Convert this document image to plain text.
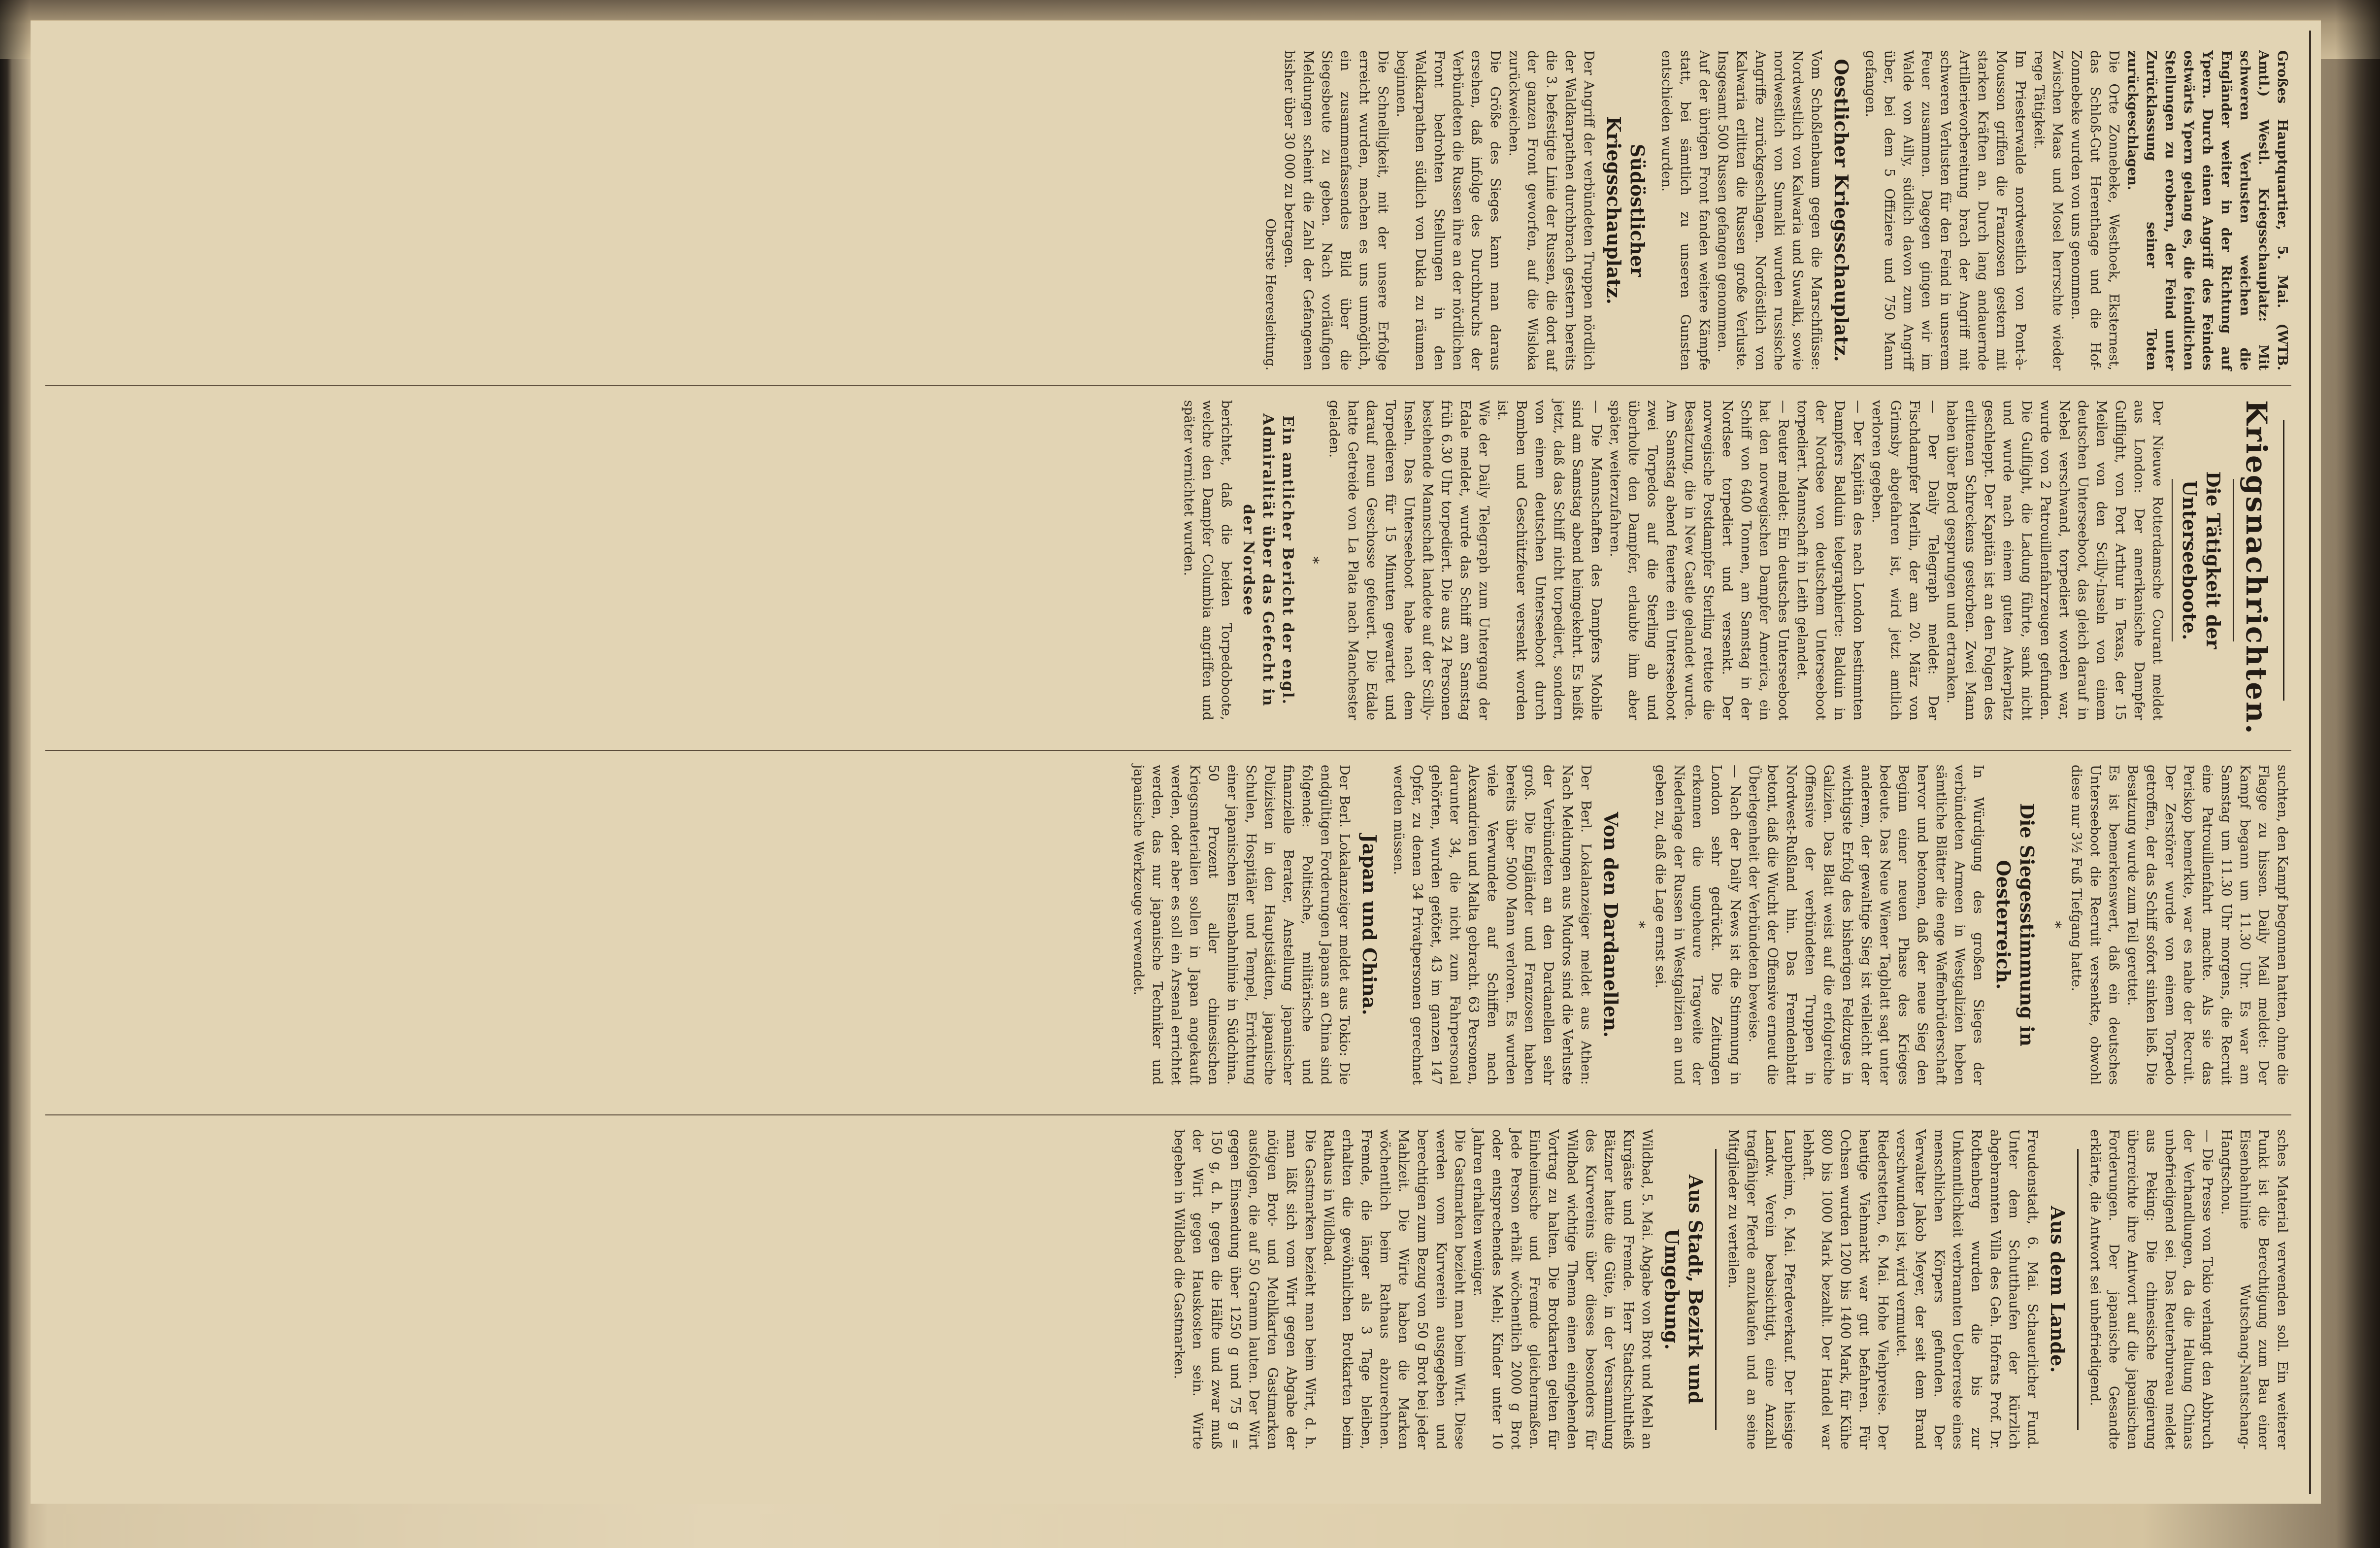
Großes Hauptquartier, 5. Mai. (WTB. Amtl.) Westl. Kriegsschauplatz: Mit schweren Verlusten weichen die Engländer weiter in der Richtung auf Ypern. Durch einen Angriff des Feindes ostwärts Ypern gelang es, die feindlichen Stellungen zu erobern, der Feind unter Zurücklassung seiner Toten zurückgeschlagen.

Die Orte Zonnebeke, Westhoek, Eksternest, das Schloß-Gut Herenthage und die Hof-Zonnebeke wurden von uns genommen.

Zwischen Maas und Mosel herrschte wieder rege Tätigkeit.

Im Priesterwalde nordwestlich von Pont-à-Mousson griffen die Franzosen gestern mit starken Kräften an. Durch lang andauernde Artillerievorbereitung brach der Angriff mit schweren Verlusten für den Feind in unserem Feuer zusammen. Dagegen gingen wir im Walde von Ailly, südlich davon zum Angriff über, bei dem 5 Offiziere und 750 Mann gefangen.

Oestlicher Kriegsschauplatz.

Vom Schoßlenbaum gegen die Marschflüsse: Nordwestlich von Kalwaria und Suwalki, sowie nordwestlich von Sumalki wurden russische Angriffe zurückgeschlagen. Nordöstlich von Kalwaria erlitten die Russen große Verluste. Insgesamt 500 Russen gefangen genommen.

Auf der übrigen Front fanden weitere Kämpfe statt, bei sämtlich zu unseren Gunsten entschieden wurden.

Südöstlicher Kriegsschauplatz.

Der Angriff der verbündeten Truppen nördlich der Waldkarpathen durchbrach gestern bereits die 3. befestigte Linie der Russen, die dort auf der ganzen Front geworfen, auf die Wisloka zurückweichen.

Die Größe des Sieges kann man daraus ersehen, daß infolge des Durchbruchs der Verbündeten die Russen ihre an der nördlichen Front bedrohten Stellungen in den Waldkarpathen südlich von Dukla zu räumen beginnen.

Die Schnelligkeit, mit der unsere Erfolge erreicht wurden, machen es uns unmöglich, ein zusammenfassendes Bild über die Siegesbeute zu geben. Nach vorläufigen Meldungen scheint die Zahl der Gefangenen bisher über 30 000 zu betragen.

Oberste Heeresleitung.
Kriegsnachrichten.
Die Tätigkeit der Unterseeboote.

Der Nieuwe Rotterdamsche Courant meldet aus London: Der amerikanische Dampfer Gulflight, von Port Arthur in Texas, der 15 Meilen von den Scilly-Inseln von einem deutschen Unterseeboot, das gleich darauf in Nebel verschwand, torpediert worden war, wurde von 2 Patrouillenfahrzeugen gefunden. Die Gulflight, die Ladung führte, sank nicht und wurde nach einem guten Ankerplatz geschleppt. Der Kapitän ist an den Folgen des erlittenen Schreckens gestorben. Zwei Mann haben über Bord gesprungen und ertranken.

— Der Daily Telegraph meldet: Der Fischdampfer Merlin, der am 20. März von Grimsby abgefahren ist, wird jetzt amtlich verloren gegeben.

— Der Kapitän des nach London bestimmten Dampfers Balduin telegraphierte: Balduin in der Nordsee von deutschem Unterseeboot torpediert. Mannschaft in Leith gelandet.

— Reuter meldet: Ein deutsches Unterseeboot hat den norwegischen Dampfer America, ein Schiff von 6400 Tonnen, am Samstag in der Nordsee torpediert und versenkt. Der norwegische Postdampfer Sterling rettete die Besatzung, die in New Castle gelandet wurde. Am Samstag abend feuerte ein Unterseeboot zwei Torpedos auf die Sterling ab und überholte den Dampfer, erlaubte ihm aber später, weiterzufahren.

— Die Mannschaften des Dampfers Mobile sind am Samstag abend heimgekehrt. Es heißt jetzt, daß das Schiff nicht torpediert, sondern von einem deutschen Unterseeboot durch Bomben und Geschützfeuer versenkt worden ist.

Wie der Daily Telegraph zum Untergang der Edale meldet, wurde das Schiff am Samstag früh 6.30 Uhr torpediert. Die aus 24 Personen bestehende Mannschaft landete auf der Scilly-Inseln. Das Unterseeboot habe nach dem Torpedieren für 15 Minuten gewartet und darauf neun Geschosse gefeuert. Die Edale hatte Getreide von La Plata nach Manchester geladen.

*
Ein amtlicher Bericht der engl. Admiralität über das Gefecht in der Nordsee

berichtet, daß die beiden Torpedoboote, welche den Dampfer Columbia angriffen und später vernichtet wurden.

suchten, den Kampf begonnen hatten, ohne die Flagge zu hissen. Daily Mail meldet: Der Kampf begann um 11.30 Uhr. Es war am Samstag um 11.30 Uhr morgens, die Recruit eine Patrouillenfahrt machte. Als sie das Periskop bemerkte, war es nahe der Recruit. Der Zerstörer wurde von einem Torpedo getroffen, der das Schiff sofort sinken ließ. Die Besatzung wurde zum Teil gerettet.

Es ist bemerkenswert, daß ein deutsches Unterseeboot die Recruit versenkte, obwohl diese nur 3½ Fuß Tiefgang hatte.

*
Die Siegesstimmung in Oesterreich.

In Würdigung des großen Sieges der verbündeten Armeen in Westgalizien heben sämtliche Blätter die enge Waffenbrüderschaft hervor und betonen, daß der neue Sieg den Beginn einer neuen Phase des Krieges bedeute. Das Neue Wiener Tagblatt sagt unter anderem, der gewaltige Sieg ist vielleicht der wichtigste Erfolg des bisherigen Feldzuges in Galizien. Das Blatt weist auf die erfolgreiche Offensive der verbündeten Truppen in Nordwest-Rußland hin. Das Fremdenblatt betont, daß die Wucht der Offensive erneut die Überlegenheit der Verbündeten beweise.

— Nach der Daily News ist die Stimmung in London sehr gedrückt. Die Zeitungen erkennen die ungeheure Tragweite der Niederlage der Russen in Westgalizien an und geben zu, daß die Lage ernst sei.

*
Von den Dardanellen.

Der Berl. Lokalanzeiger meldet aus Athen: Nach Meldungen aus Mudros sind die Verluste der Verbündeten an den Dardanellen sehr groß. Die Engländer und Franzosen haben bereits über 5000 Mann verloren. Es wurden viele Verwundete auf Schiffen nach Alexandrien und Malta gebracht. 63 Personen, darunter 34, die nicht zum Fahrpersonal gehörten, wurden getötet, 43 im ganzen 147 Opfer, zu denen 34 Privatpersonen gerechnet werden müssen.

Japan und China.

Der Berl. Lokalanzeiger meldet aus Tokio: Die endgültigen Forderungen Japans an China sind folgende: Politische, militärische und finanzielle Berater, Anstellung japanischer Polizisten in den Hauptstädten, japanische Schulen, Hospitäler und Tempel, Errichtung einer japanischen Eisenbahnlinie in Südchina. 50 Prozent aller chinesischen Kriegsmaterialien sollen in Japan angekauft werden, oder aber es soll ein Arsenal errichtet werden, das nur japanische Techniker und japanische Werkzeuge verwendet.

sches Material verwenden soll. Ein weiterer Punkt ist die Berechtigung zum Bau einer Eisenbahnlinie Wutschang-Nantschang-Hangtschou.

— Die Presse von Tokio verlangt den Abbruch der Verhandlungen, da die Haltung Chinas unbefriedigend sei. Das Reuterbureau meldet aus Peking: Die chinesische Regierung überreichte ihre Antwort auf die japanischen Forderungen. Der japanische Gesandte erklärte, die Antwort sei unbefriedigend.

Aus dem Lande.

Freudenstadt, 6. Mai. Schauerlicher Fund. Unter dem Schutthaufen der kürzlich abgebrannten Villa des Geh. Hofrats Prof. Dr. Rothenberg wurden die bis zur Unkenntlichkeit verbrannten Ueberreste eines menschlichen Körpers gefunden. Der Verwalter Jakob Meyer, der seit dem Brand verschwunden ist, wird vermutet.

Riederstetten, 6. Mai. Hohe Viehpreise. Der heutige Viehmarkt war gut befahren. Für Ochsen wurden 1200 bis 1400 Mark, für Kühe 800 bis 1000 Mark bezahlt. Der Handel war lebhaft.

Laupheim, 6. Mai. Pferdeverkauf. Der hiesige Landw. Verein beabsichtigt, eine Anzahl tragfähiger Pferde anzukaufen und an seine Mitglieder zu verteilen.

Aus Stadt, Bezirk und Umgebung.

Wildbad, 5. Mai. Abgabe von Brot und Mehl an Kurgäste und Fremde. Herr Stadtschultheiß Bätzner hatte die Güte, in der Versammlung des Kurvereins über dieses besonders für Wildbad wichtige Thema einen eingehenden Vortrag zu halten. Die Brotkarten gelten für Einheimische und Fremde gleichermaßen. Jede Person erhält wöchentlich 2000 g Brot oder entsprechendes Mehl; Kinder unter 10 Jahren erhalten weniger.

Die Gastmarken bezieht man beim Wirt. Diese werden vom Kurverein ausgegeben und berechtigen zum Bezug von 50 g Brot bei jeder Mahlzeit. Die Wirte haben die Marken wöchentlich beim Rathaus abzurechnen. Fremde, die länger als 3 Tage bleiben, erhalten die gewöhnlichen Brotkarten beim Rathaus in Wildbad.

Die Gastmarken bezieht man beim Wirt, d. h. man läßt sich vom Wirt gegen Abgabe der nötigen Brot- und Mehlkarten Gastmarken ausfolgen, die auf 50 Gramm lauten. Der Wirt gegen Einsendung über 1250 g und 75 g = 150 g, d. h. gegen die Hälfte und zwar muß der Wirt gegen Hauskosten sein. Wirte begeben in Wildbad die Gastmarken.
